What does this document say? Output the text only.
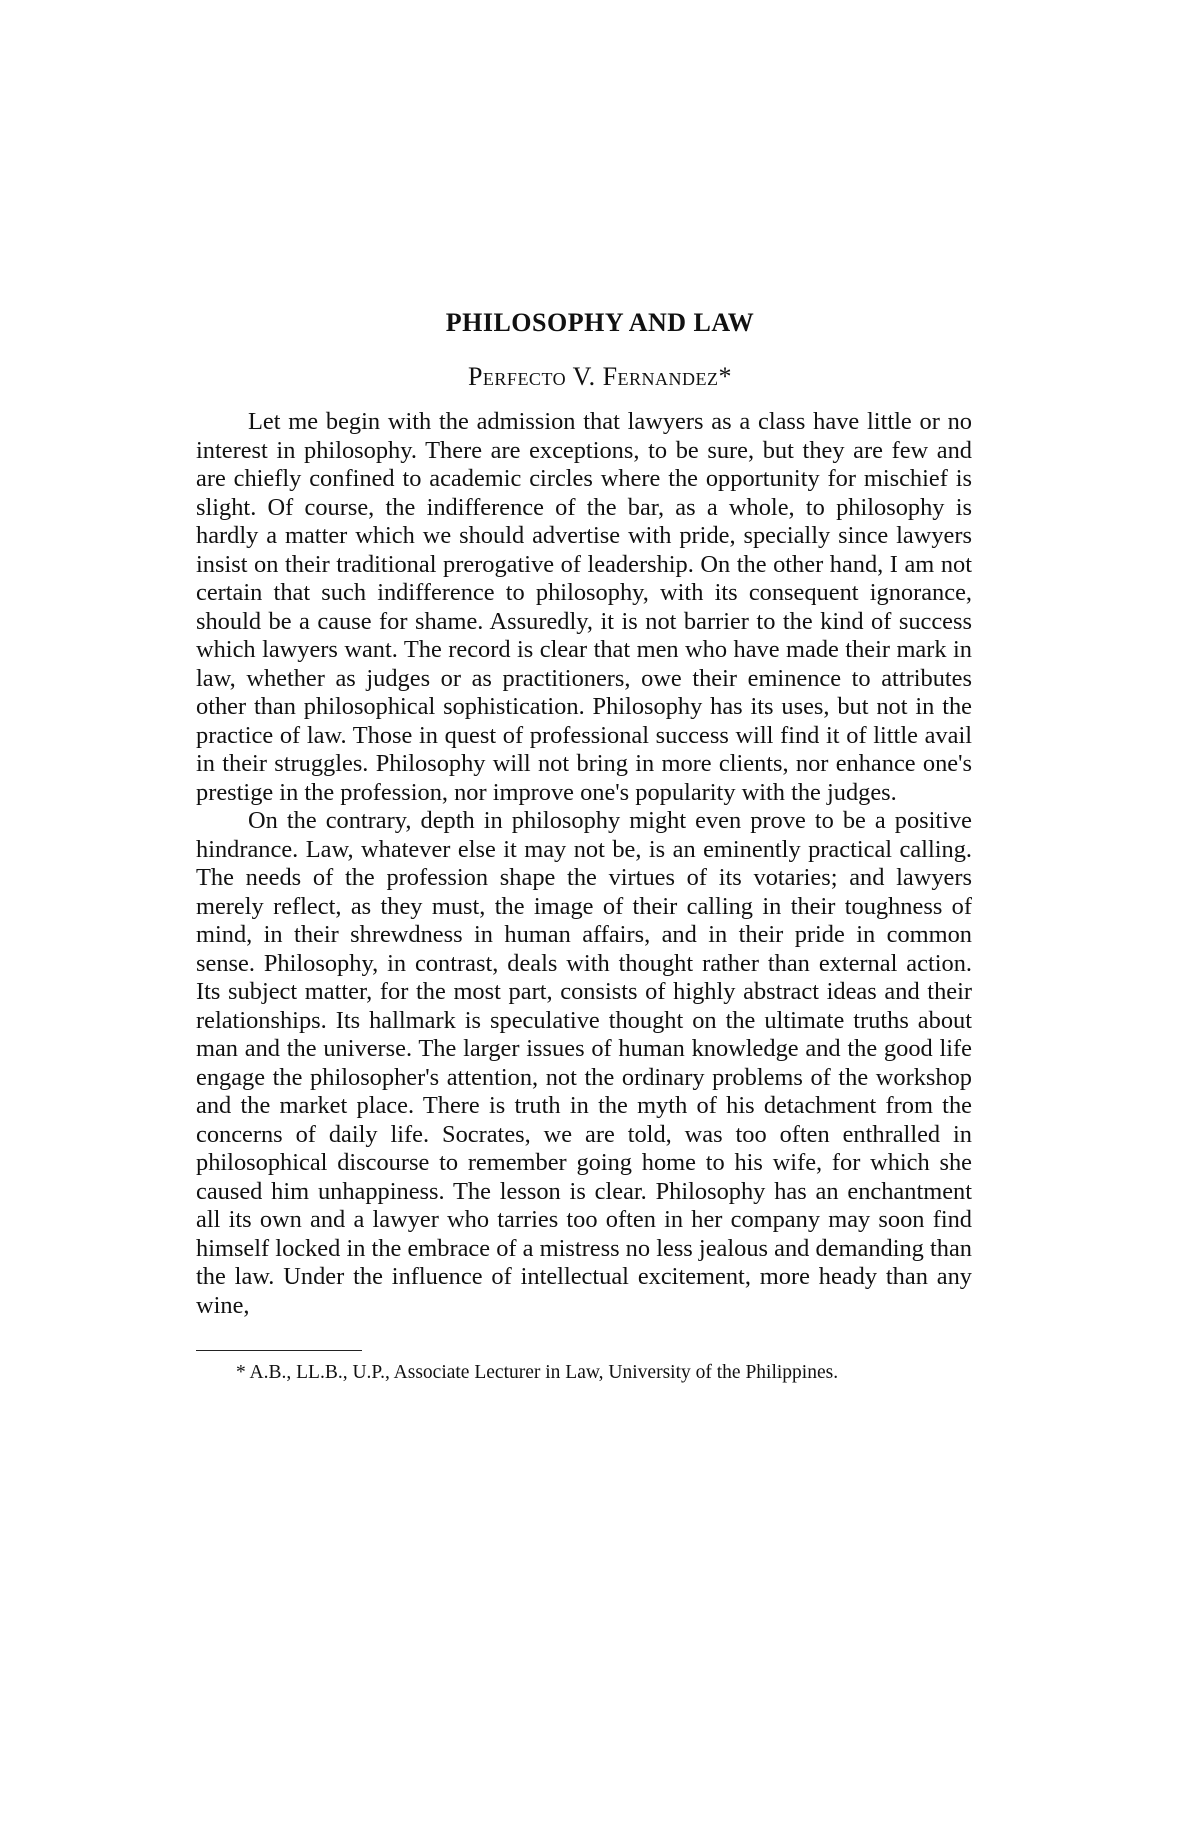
PHILOSOPHY AND LAW
Perfecto V. Fernandez*

Let me begin with the admission that lawyers as a class have little or no interest in philosophy. There are exceptions, to be sure, but they are few and are chiefly confined to academic circles where the opportunity for mischief is slight. Of course, the indifference of the bar, as a whole, to philosophy is hardly a matter which we should advertise with pride, specially since lawyers insist on their traditional prerogative of leadership. On the other hand, I am not certain that such indifference to philosophy, with its consequent ignorance, should be a cause for shame. Assuredly, it is not barrier to the kind of success which lawyers want. The record is clear that men who have made their mark in law, whether as judges or as practitioners, owe their eminence to attributes other than philosophical sophistication. Philosophy has its uses, but not in the practice of law. Those in quest of professional success will find it of little avail in their struggles. Philosophy will not bring in more clients, nor enhance one's prestige in the profession, nor improve one's popularity with the judges.

On the contrary, depth in philosophy might even prove to be a positive hindrance. Law, whatever else it may not be, is an eminently practical calling. The needs of the profession shape the virtues of its votaries; and lawyers merely reflect, as they must, the image of their calling in their toughness of mind, in their shrewdness in human affairs, and in their pride in common sense. Philosophy, in contrast, deals with thought rather than external action. Its subject matter, for the most part, consists of highly abstract ideas and their relationships. Its hallmark is speculative thought on the ultimate truths about man and the universe. The larger issues of human knowledge and the good life engage the philosopher's attention, not the ordinary problems of the workshop and the market place. There is truth in the myth of his detachment from the concerns of daily life. Socrates, we are told, was too often enthralled in philosophical discourse to remember going home to his wife, for which she caused him unhappiness. The lesson is clear. Philosophy has an enchantment all its own and a lawyer who tarries too often in her company may soon find himself locked in the embrace of a mistress no less jealous and demanding than the law. Under the influence of intellectual excitement, more heady than any wine,

* A.B., LL.B., U.P., Associate Lecturer in Law, University of the Philippines.
